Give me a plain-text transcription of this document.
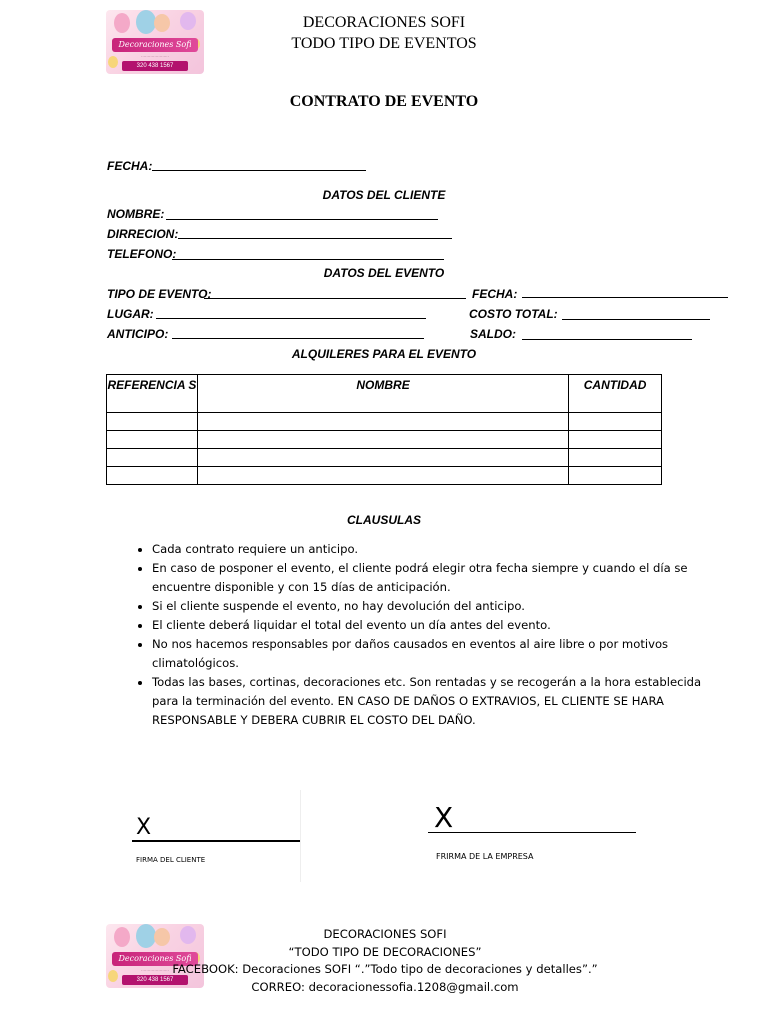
Decoraciones Sofi
·····················
320 438 1567
DECORACIONES SOFI
TODO TIPO DE EVENTOS
CONTRATO DE EVENTO
FECHA:
DATOS DEL CLIENTE
NOMBRE:
DIRRECION:
TELEFONO:
DATOS DEL EVENTO
TIPO DE EVENTO:	FECHA:
LUGAR:	COSTO TOTAL:
ANTICIPO:	SALDO:
ALQUILERES PARA EL EVENTO
REFERENCIA S	NOMBRE	CANTIDAD

CLAUSULAS
• Cada contrato requiere un anticipo.
• En caso de posponer el evento, el cliente podrá elegir otra fecha siempre y cuando el día se encuentre disponible y con 15 días de anticipación.
• Si el cliente suspende el evento, no hay devolución del anticipo.
• El cliente deberá liquidar el total del evento un día antes del evento.
• No nos hacemos responsables por daños causados en eventos al aire libre o por motivos climatológicos.
• Todas las bases, cortinas, decoraciones etc. Son rentadas y se recogerán a la hora establecida para la terminación del evento. EN CASO DE DAÑOS O EXTRAVIOS, EL CLIENTE SE HARA RESPONSABLE Y DEBERA CUBRIR EL COSTO DEL DAÑO.
X
FIRMA DEL CLIENTE
X
FRIRMA DE LA EMPRESA
Decoraciones Sofi
·····················
320 438 1567
DECORACIONES SOFI
“TODO TIPO DE DECORACIONES”
FACEBOOK: Decoraciones SOFI “.”Todo tipo de decoraciones y detalles”.”
CORREO: decoracionessofia.1208@gmail.com
